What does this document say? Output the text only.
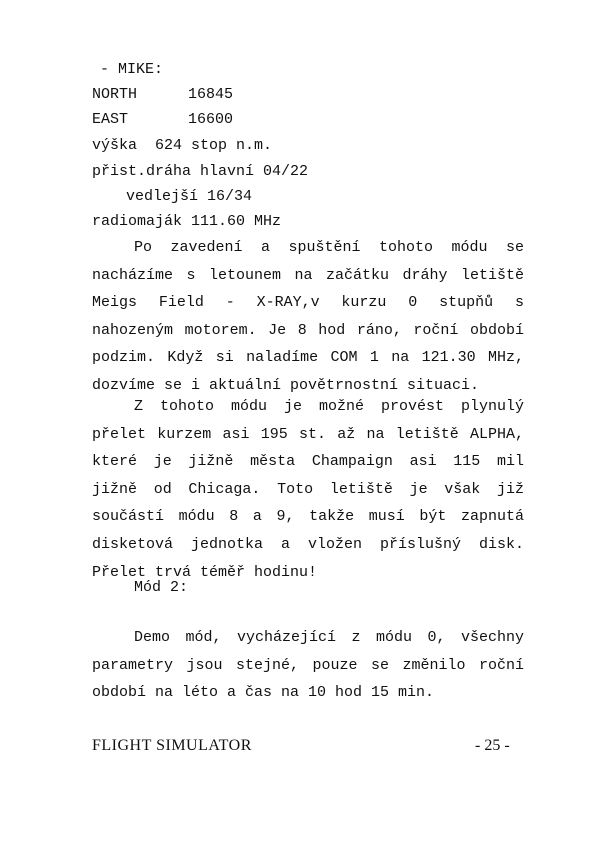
- MIKE:
NORTH	16845
EAST	16600
výška  624 stop n.m.
přist.dráha hlavní 04/22
vedlejší 16/34
radiomaják 111.60 MHz

Po zavedení a spuštění tohoto módu se nacházíme s letounem na začátku dráhy letiště Meigs Field - X-RAY,v kurzu 0 stupňů s nahozeným motorem. Je 8 hod ráno, roční období podzim. Když si naladíme COM 1 na 121.30 MHz, dozvíme se i aktuální povětrnostní situaci.

Z tohoto módu je možné provést plynulý přelet kurzem asi 195 st. až na letiště ALPHA, které je jižně města Champaign asi 115 mil jižně od Chicaga. Toto letiště je však již součástí módu 8 a 9, takže musí být zapnutá disketová jednotka a vložen příslušný disk. Přelet trvá téměř hodinu!

Mód 2:

Demo mód, vycházející z módu 0, všechny parametry jsou stejné, pouze se změnilo roční období na léto a čas na 10 hod 15 min.

FLIGHT SIMULATOR	- 25 -
